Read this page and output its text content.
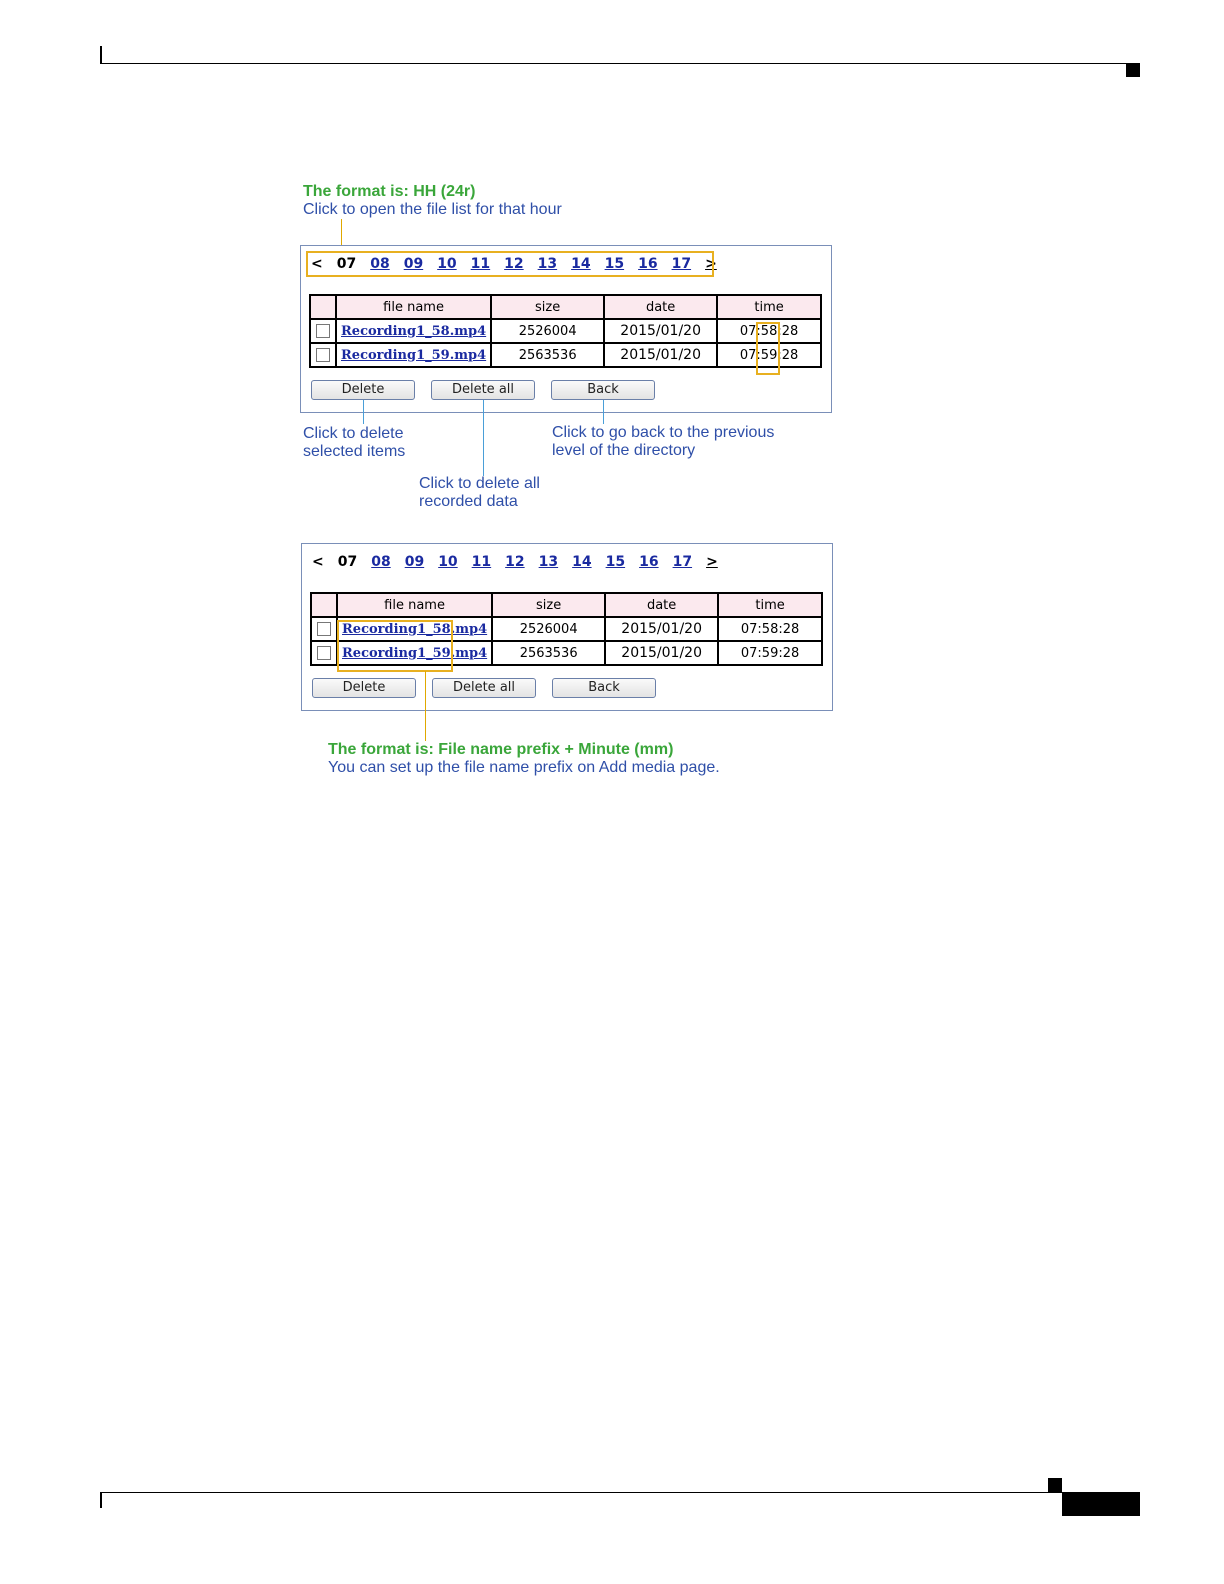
The format is: HH (24r)
Click to open the file list for that hour
< 07 08 09 10 11 12 13 14 15 16 17 >
	file name	size	date	time
	Recording1_58.mp4	2526004	2015/01/20	07:58:28
	Recording1_59.mp4	2563536	2015/01/20	07:59:28
Delete	Delete all	Back
Click to delete
selected items
Click to go back to the previous
level of the directory
Click to delete all
recorded data
< 07 08 09 10 11 12 13 14 15 16 17 >
	file name	size	date	time
	Recording1_58.mp4	2526004	2015/01/20	07:58:28
	Recording1_59.mp4	2563536	2015/01/20	07:59:28
Delete	Delete all	Back
The format is: File name prefix + Minute (mm)
You can set up the file name prefix on Add media page.
